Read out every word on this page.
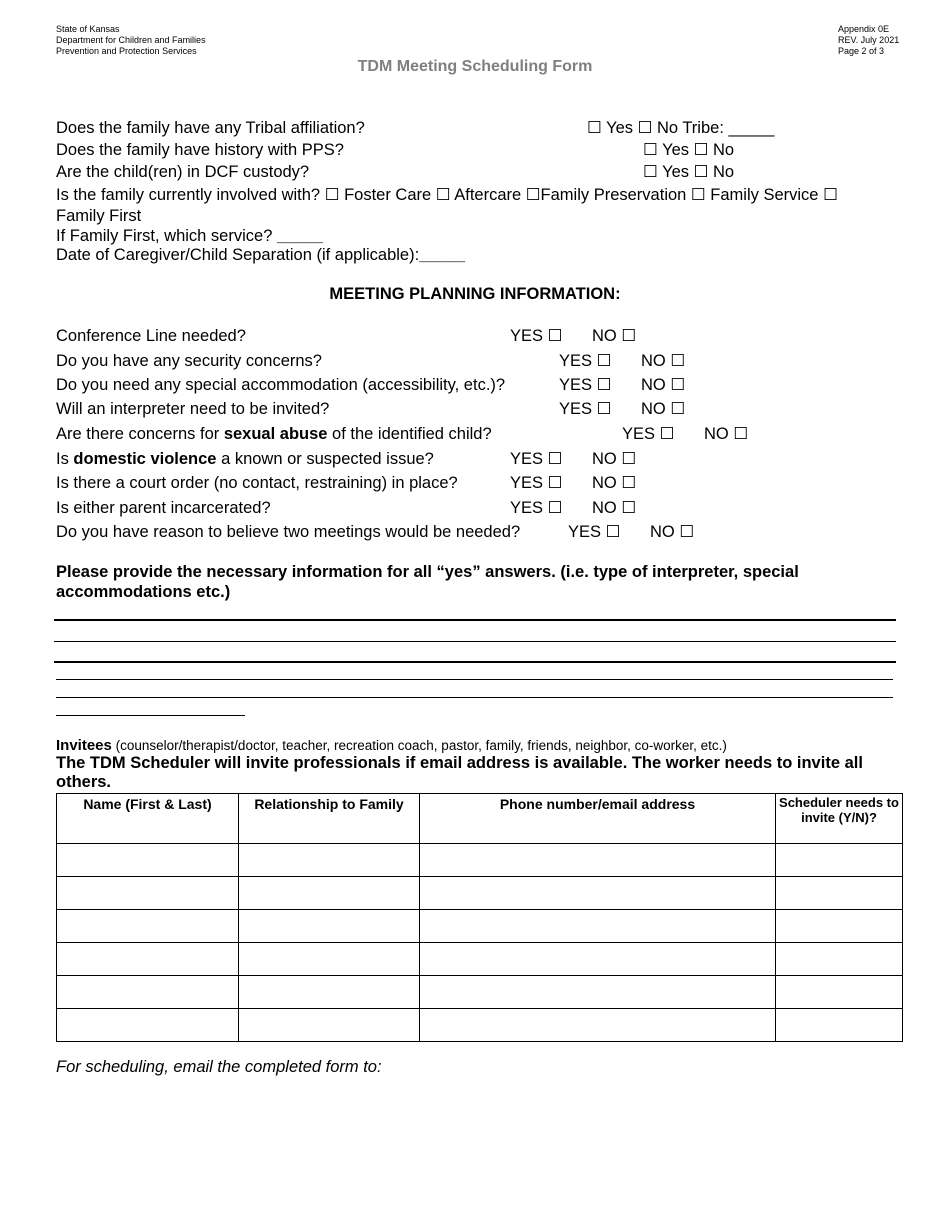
State of Kansas
Department for Children and Families
Prevention and Protection Services
Appendix 0E
REV. July 2021
Page 2 of 3
TDM Meeting Scheduling Form
Does the family have any Tribal affiliation?	☐ Yes ☐ No Tribe: _____
Does the family have history with PPS?	☐ Yes ☐ No
Are the child(ren) in DCF custody?	☐ Yes ☐ No
Is the family currently involved with? ☐ Foster Care ☐ Aftercare ☐Family Preservation ☐ Family Service ☐
Family First
If Family First, which service? _____
Date of Caregiver/Child Separation (if applicable):_____
MEETING PLANNING INFORMATION:
Conference Line needed?	YES ☐ NO ☐
Do you have any security concerns?	YES ☐ NO ☐
Do you need any special accommodation (accessibility, etc.)?	YES ☐ NO ☐
Will an interpreter need to be invited?	YES ☐ NO ☐
Are there concerns for sexual abuse of the identified child?	YES ☐ NO ☐
Is domestic violence a known or suspected issue?	YES ☐ NO ☐
Is there a court order (no contact, restraining) in place?	YES ☐ NO ☐
Is either parent incarcerated?	YES ☐ NO ☐
Do you have reason to believe two meetings would be needed?	YES ☐ NO ☐
Please provide the necessary information for all “yes” answers. (i.e. type of interpreter, special
accommodations etc.)
Invitees (counselor/therapist/doctor, teacher, recreation coach, pastor, family, friends, neighbor, co-worker, etc.)
The TDM Scheduler will invite professionals if email address is available. The worker needs to invite all
others.
Name (First & Last)	Relationship to Family	Phone number/email address	Scheduler needs to invite (Y/N)?

For scheduling, email the completed form to:
